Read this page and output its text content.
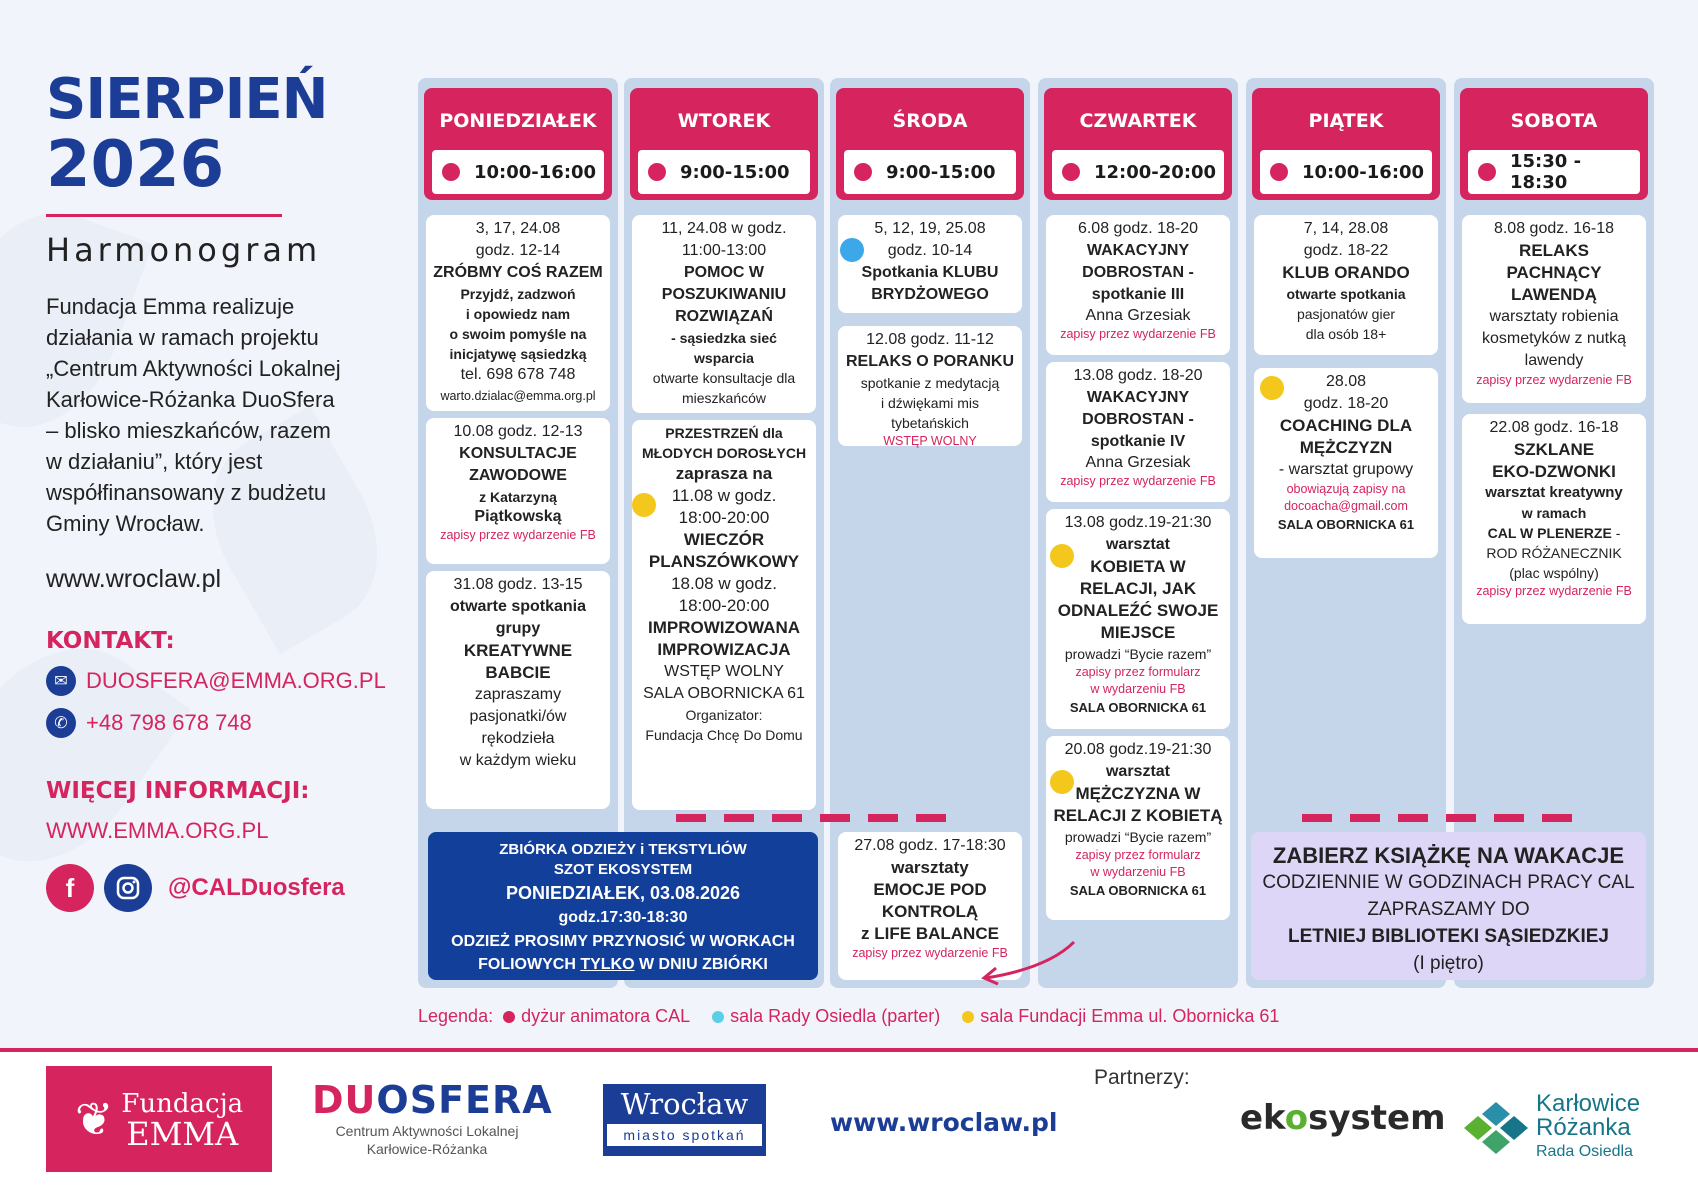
SIERPIEŃ
2026
Harmonogram
Fundacja Emma realizuje
działania w ramach projektu
„Centrum Aktywności Lokalnej
Karłowice-Różanka DuoSfera
– blisko mieszkańców, razem
w działaniu”, który jest
współfinansowany z budżetu
Gminy Wrocław.
www.wroclaw.pl
KONTAKT:
✉ DUOSFERA@EMMA.ORG.PL
✆ +48 798 678 748
WIĘCEJ INFORMACJI:
WWW.EMMA.ORG.PL
f	@CALDuosfera
PONIEDZIAŁEK
10:00-16:00
3, 17, 24.08
godz. 12-14
ZRÓBMY COŚ RAZEM
Przyjdź, zadzwoń
i opowiedz nam
o swoim pomyśle na
inicjatywę sąsiedzką
tel. 698 678 748
warto.dzialac@emma.org.pl
10.08 godz. 12-13
KONSULTACJE
ZAWODOWE
z Katarzyną
Piątkowską
zapisy przez wydarzenie FB
31.08 godz. 13-15
otwarte spotkania
grupy
KREATYWNE
BABCIE
zapraszamy
pasjonatki/ów
rękodzieła
w każdym wieku
WTOREK
9:00-15:00
11, 24.08 w godz.
11:00-13:00
POMOC W
POSZUKIWANIU
ROZWIĄZAŃ
- sąsiedzka sieć
wsparcia
otwarte konsultacje dla
mieszkańców
PRZESTRZEŃ dla
MŁODYCH DOROSŁYCH
zaprasza na
11.08 w godz.
18:00-20:00
WIECZÓR
PLANSZÓWKOWY
18.08 w godz.
18:00-20:00
IMPROWIZOWANA
IMPROWIZACJA
WSTĘP WOLNY
SALA OBORNICKA 61
Organizator:
Fundacja Chcę Do Domu
ŚRODA
9:00-15:00
5, 12, 19, 25.08
godz. 10-14
Spotkania KLUBU
BRYDŻOWEGO
12.08 godz. 11-12
RELAKS O PORANKU
spotkanie z medytacją
i dźwiękami mis
tybetańskich
WSTĘP WOLNY
27.08 godz. 17-18:30
warsztaty
EMOCJE POD
KONTROLĄ
z LIFE BALANCE
zapisy przez wydarzenie FB
CZWARTEK
12:00-20:00
6.08 godz. 18-20
WAKACYJNY
DOBROSTAN -
spotkanie III
Anna Grzesiak
zapisy przez wydarzenie FB
13.08 godz. 18-20
WAKACYJNY
DOBROSTAN -
spotkanie IV
Anna Grzesiak
zapisy przez wydarzenie FB
13.08 godz.19-21:30
warsztat
KOBIETA W
RELACJI, JAK
ODNALEŹĆ SWOJE
MIEJSCE
prowadzi “Bycie razem”
zapisy przez formularz
w wydarzeniu FB
SALA OBORNICKA 61
20.08 godz.19-21:30
warsztat
MĘŻCZYZNA W
RELACJI Z KOBIETĄ
prowadzi “Bycie razem”
zapisy przez formularz
w wydarzeniu FB
SALA OBORNICKA 61
PIĄTEK
10:00-16:00
7, 14, 28.08
godz. 18-22
KLUB ORANDO
otwarte spotkania
pasjonatów gier
dla osób 18+
28.08
godz. 18-20
COACHING DLA
MĘŻCZYZN
- warsztat grupowy
obowiązują zapisy na
docoacha@gmail.com
SALA OBORNICKA 61
SOBOTA
15:30 - 18:30
8.08 godz. 16-18
RELAKS
PACHNĄCY
LAWENDĄ
warsztaty robienia
kosmetyków z nutką
lawendy
zapisy przez wydarzenie FB
22.08 godz. 16-18
SZKLANE
EKO-DZWONKI
warsztat kreatywny
w ramach
CAL W PLENERZE -
ROD RÓŻANECZNIK
(plac wspólny)
zapisy przez wydarzenie FB
ZBIÓRKA ODZIEŻY i TEKSTYLIÓW
SZOT EKOSYSTEM
PONIEDZIAŁEK, 03.08.2026
godz.17:30-18:30
ODZIEŻ PROSIMY PRZYNOSIĆ W WORKACH
FOLIOWYCH TYLKO W DNIU ZBIÓRKI
ZABIERZ KSIĄŻKĘ NA WAKACJE
CODZIENNIE W GODZINACH PRACY CAL
ZAPRASZAMY DO
LETNIEJ BIBLIOTEKI SĄSIEDZKIEJ
(I piętro)
Legenda: dyżur animatora CAL sala Rady Osiedla (parter) sala Fundacji Emma ul. Obornicka 61
❦ Fundacja
EMMA
DUOSFERA
Centrum Aktywności Lokalnej
Karłowice-Różanka
Wrocław
miasto spotkań	www.wroclaw.pl
Partnerzy:
ekosystem	Karłowice
Różanka
Rada Osiedla
